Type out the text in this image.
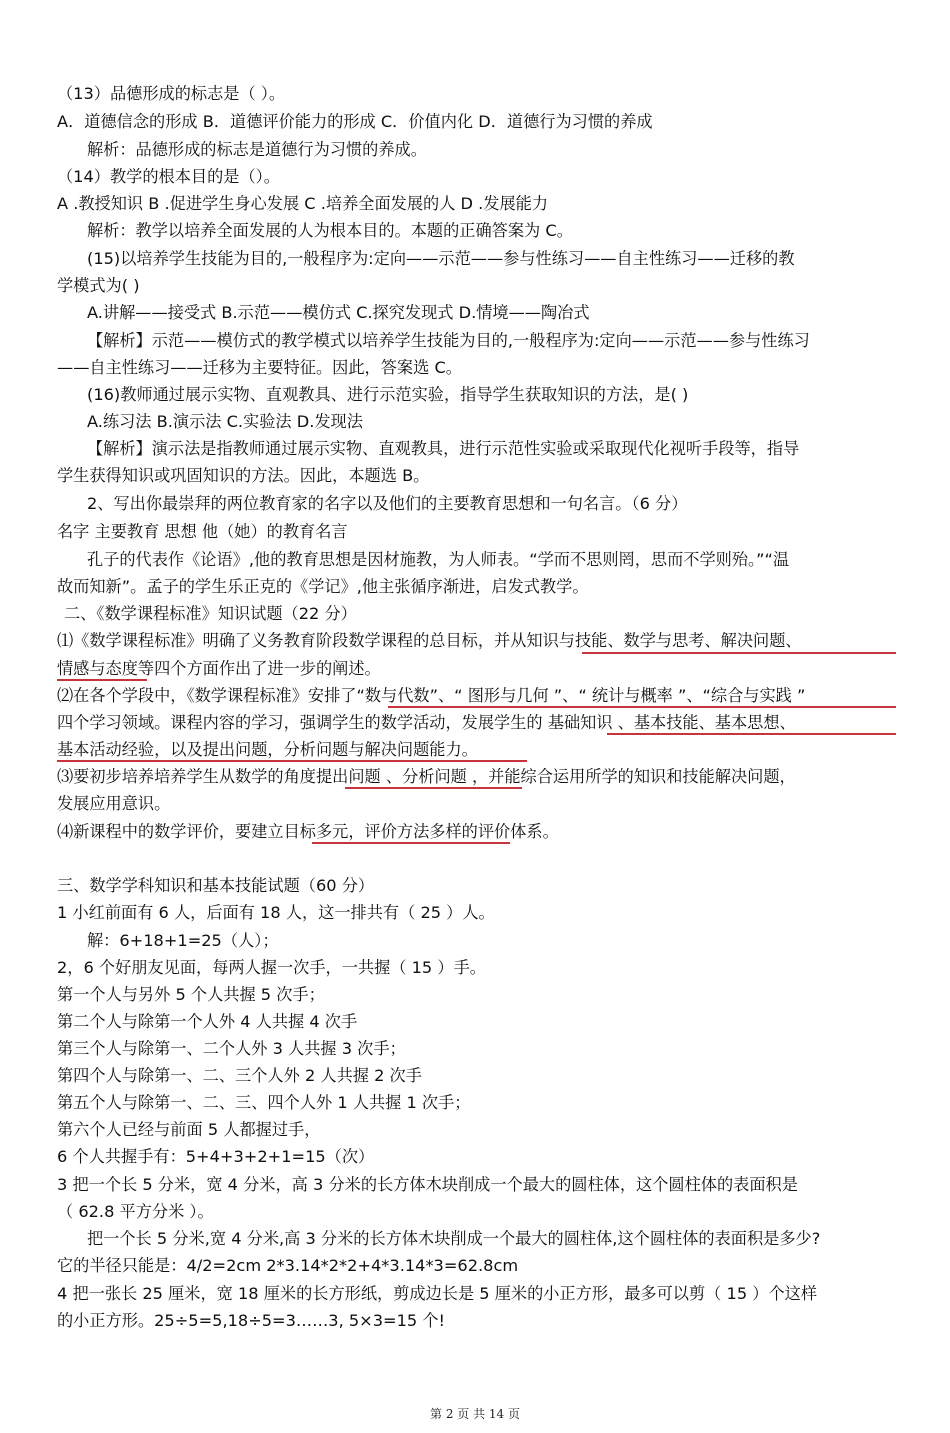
（13）品德形成的标志是（ ）。
A．道德信念的形成 B．道德评价能力的形成 C．价值内化 D．道德行为习惯的养成
解析：品德形成的标志是道德行为习惯的养成。
（14）教学的根本目的是（）。
A .教授知识 B .促进学生身心发展 C .培养全面发展的人 D .发展能力
解析：教学以培养全面发展的人为根本目的。本题的正确答案为 C。
(15)以培养学生技能为目的,一般程序为:定向——示范——参与性练习——自主性练习——迁移的教
学模式为( )
A.讲解——接受式 B.示范——模仿式 C.探究发现式 D.情境——陶冶式
【解析】示范——模仿式的教学模式以培养学生技能为目的,一般程序为:定向——示范——参与性练习
——自主性练习——迁移为主要特征。因此，答案选 C。
(16)教师通过展示实物、直观教具、进行示范实验，指导学生获取知识的方法，是( )
A.练习法 B.演示法 C.实验法 D.发现法
【解析】演示法是指教师通过展示实物、直观教具，进行示范性实验或采取现代化视听手段等，指导
学生获得知识或巩固知识的方法。因此，本题选 B。
2、写出你最崇拜的两位教育家的名字以及他们的主要教育思想和一句名言。（6 分）
名字 主要教育 思想 他（她）的教育名言
孔子的代表作《论语》,他的教育思想是因材施教，为人师表。“学而不思则罔，思而不学则殆。”“温
故而知新”。孟子的学生乐正克的《学记》,他主张循序渐进，启发式教学。
二、《数学课程标准》知识试题（22 分）
⑴《数学课程标准》明确了义务教育阶段数学课程的总目标，并从知识与技能、数学与思考、解决问题、
情感与态度等四个方面作出了进一步的阐述。
⑵在各个学段中，《数学课程标准》安排了“数与代数”、“ 图形与几何 ”、“ 统计与概率 ”、“综合与实践 ”
四个学习领域。课程内容的学习，强调学生的数学活动，发展学生的 基础知识 、基本技能、基本思想、
基本活动经验，以及提出问题，分析问题与解决问题能力。
⑶要初步培养培养学生从数学的角度提出问题 、分析问题 ，并能综合运用所学的知识和技能解决问题，
发展应用意识。
⑷新课程中的数学评价，要建立目标多元，评价方法多样的评价体系。
三、数学学科知识和基本技能试题（60 分）
1 小红前面有 6 人，后面有 18 人，这一排共有（ 25 ）人。
解：6+18+1=25（人）；
2，6 个好朋友见面，每两人握一次手，一共握（ 15 ）手。
第一个人与另外 5 个人共握 5 次手；
第二个人与除第一个人外 4 人共握 4 次手
第三个人与除第一、二个人外 3 人共握 3 次手；
第四个人与除第一、二、三个人外 2 人共握 2 次手
第五个人与除第一、二、三、四个人外 1 人共握 1 次手；
第六个人已经与前面 5 人都握过手，
6 个人共握手有：5+4+3+2+1=15（次）
3 把一个长 5 分米，宽 4 分米，高 3 分米的长方体木块削成一个最大的圆柱体，这个圆柱体的表面积是
（ 62.8 平方分米 ）。
把一个长 5 分米,宽 4 分米,高 3 分米的长方体木块削成一个最大的圆柱体,这个圆柱体的表面积是多少?
它的半径只能是：4/2=2cm 2*3.14*2*2+4*3.14*3=62.8cm
4 把一张长 25 厘米，宽 18 厘米的长方形纸，剪成边长是 5 厘米的小正方形，最多可以剪（ 15 ）个这样
的小正方形。25÷5=5,18÷5=3……3, 5×3=15 个!
第 2 页 共 14 页
